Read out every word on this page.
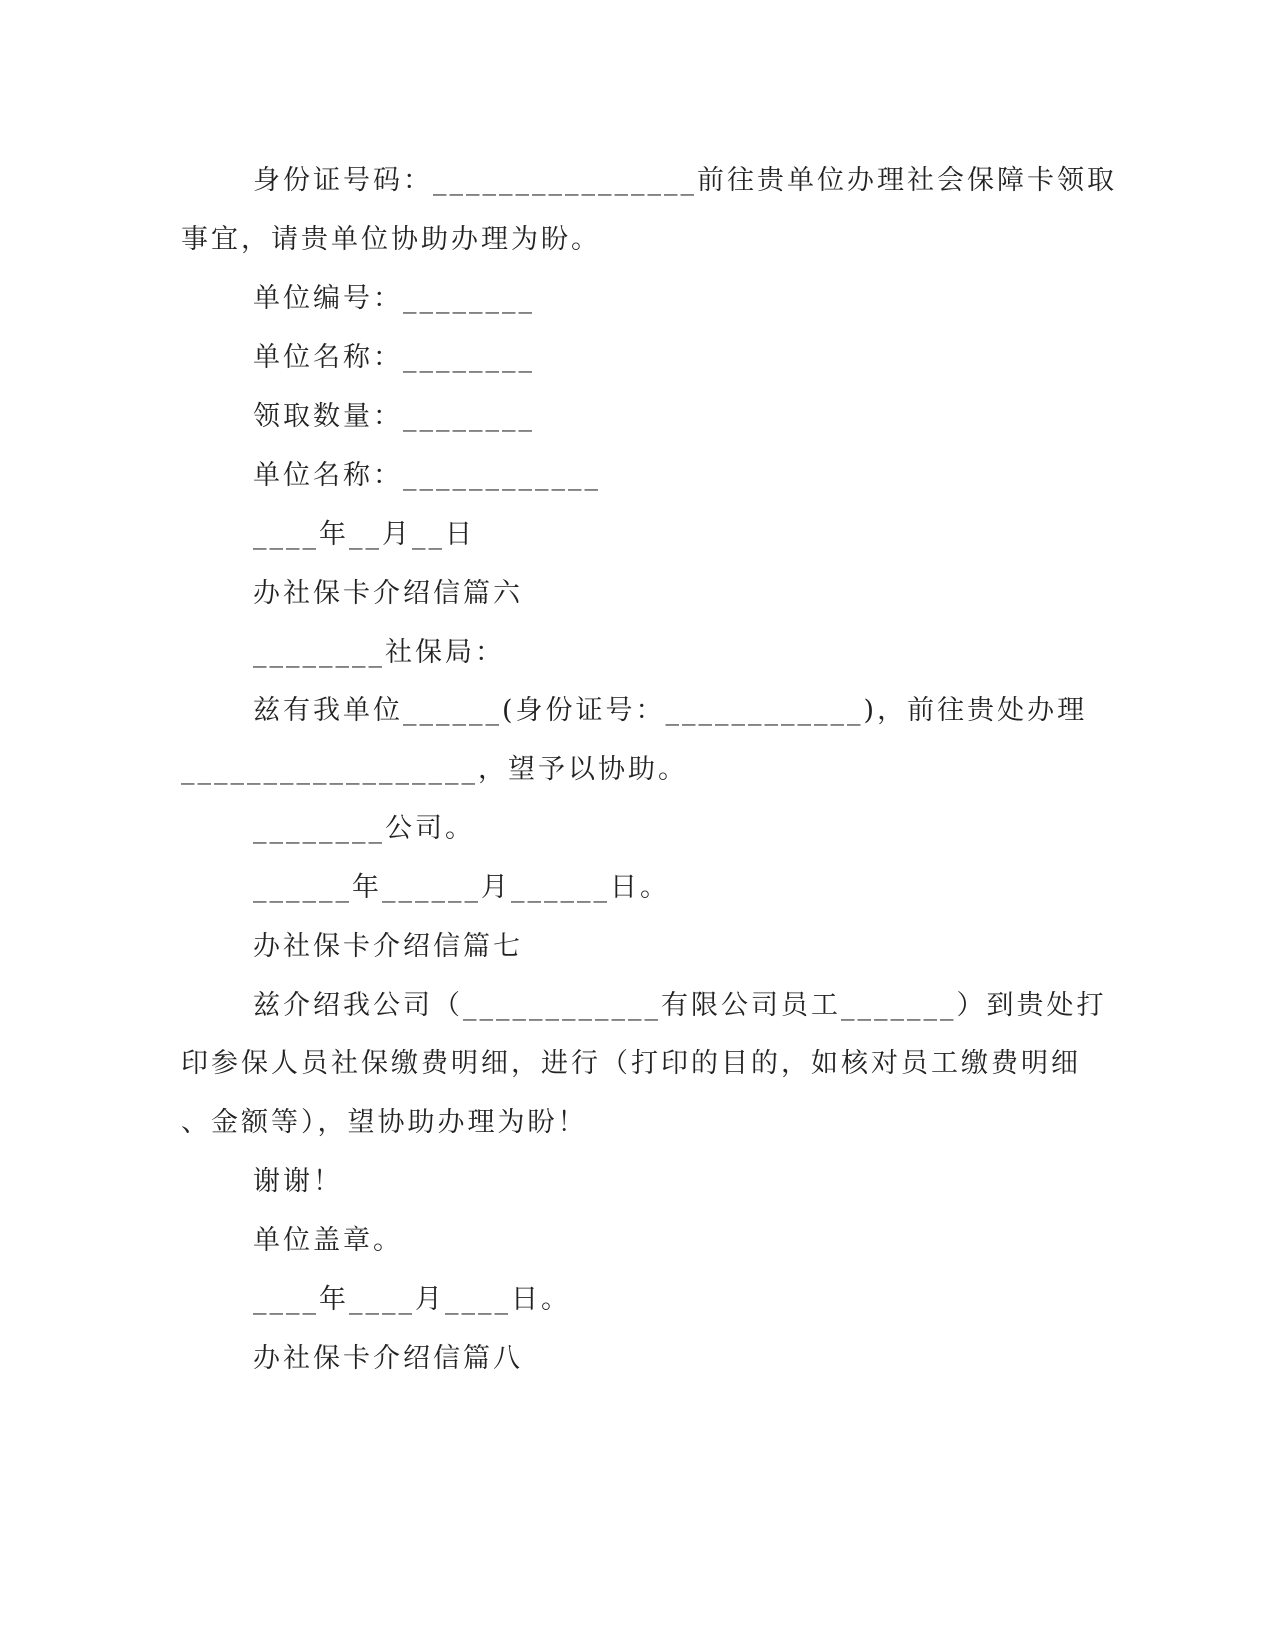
身份证号码：________________前往贵单位办理社会保障卡领取
事宜，请贵单位协助办理为盼。
单位编号：________
单位名称：________
领取数量：________
单位名称：____________
____年__月__日
办社保卡介绍信篇六
________社保局：
兹有我单位______(身份证号：____________)，前往贵处办理
__________________，望予以协助。
________公司。
______年______月______日。
办社保卡介绍信篇七
兹介绍我公司（____________有限公司员工_______）到贵处打
印参保人员社保缴费明细，进行（打印的目的，如核对员工缴费明细
、金额等），望协助办理为盼！
谢谢！
单位盖章。
____年____月____日。
办社保卡介绍信篇八
